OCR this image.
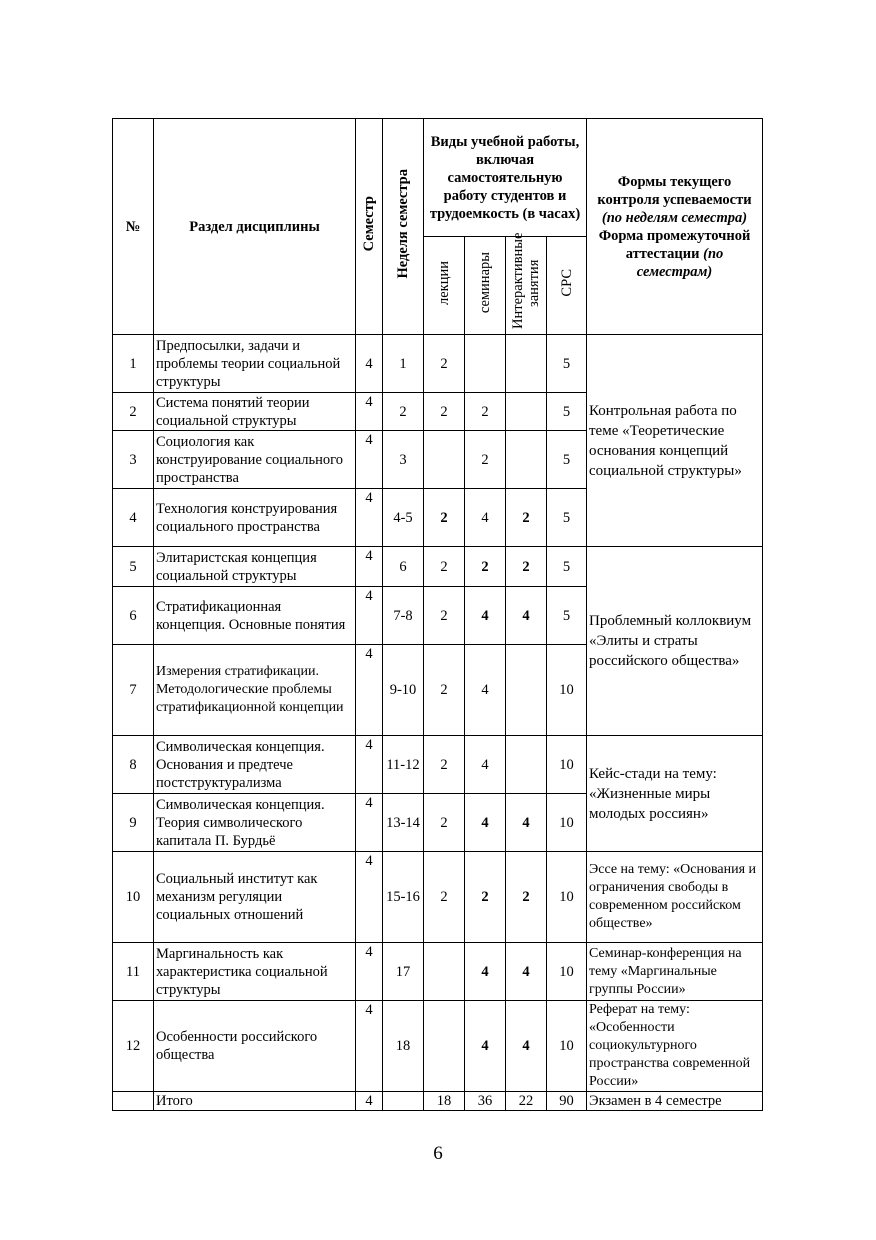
№	Раздел дисциплины	Семестр	Неделя семестра	Виды учебной работы, включая самостоятельную работу студентов и трудоемкость (в часах)				Формы текущего контроля успеваемости (по неделям семестра) Форма промежуточной аттестации (по семестрам)
				лекции	семинары	Интерактивные занятия	СРС	
1	Предпосылки, задачи и проблемы теории социальной структуры	4	1	2			5	Контрольная работа по теме «Теоретические основания концепций социальной структуры»
2	Система понятий теории социальной структуры	4	2	2	2		5	
3	Социология как конструирование социального пространства	4	3		2		5	
4	Технология конструирования социального пространства	4	4-5	2	4	2	5	
5	Элитаристская концепция социальной структуры	4	6	2	2	2	5	Проблемный коллоквиум «Элиты и страты российского общества»
6	Стратификационная концепция. Основные понятия	4	7-8	2	4	4	5	
7	Измерения стратификации. Методологические проблемы стратификационной концепции	4	9-10	2	4		10	
8	Символическая концепция. Основания и предтече постструктурализма	4	11-12	2	4		10	Кейс-стади на тему: «Жизненные миры молодых россиян»
9	Символическая концепция. Теория символического капитала П. Бурдьё	4	13-14	2	4	4	10	
10	Социальный институт как механизм регуляции социальных отношений	4	15-16	2	2	2	10	Эссе на тему: «Основания и ограничения свободы в современном российском обществе»
11	Маргинальность как характеристика социальной структуры	4	17		4	4	10	Семинар-конференция на тему «Маргинальные группы России»
12	Особенности российского общества	4	18		4	4	10	Реферат на тему: «Особенности социокультурного пространства современной России»
	Итого	4		18	36	22	90	Экзамен в 4 семестре
6
